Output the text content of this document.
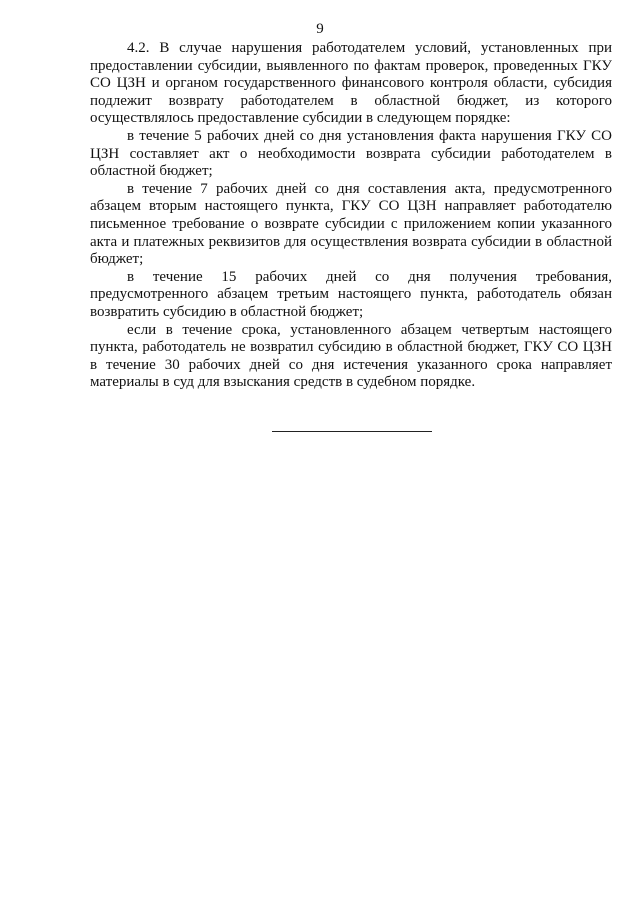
9

4.2. В случае нарушения работодателем условий, установленных при предоставлении субсидии, выявленного по фактам проверок, проведенных ГКУ СО ЦЗН и органом государственного финансового контроля области, субсидия подлежит возврату работодателем в областной бюджет, из которого осуществлялось предоставление субсидии в следующем порядке:

в течение 5 рабочих дней со дня установления факта нарушения ГКУ СО ЦЗН составляет акт о необходимости возврата субсидии работодателем в областной бюджет;

в течение 7 рабочих дней со дня составления акта, предусмотренного абзацем вторым настоящего пункта, ГКУ СО ЦЗН направляет работодателю письменное требование о возврате субсидии с приложением копии указанного акта и платежных реквизитов для осуществления возврата субсидии в областной бюджет;

в течение 15 рабочих дней со дня получения требования, предусмотренного абзацем третьим настоящего пункта, работодатель обязан возвратить субсидию в областной бюджет;

если в течение срока, установленного абзацем четвертым настоящего пункта, работодатель не возвратил субсидию в областной бюджет, ГКУ СО ЦЗН в течение 30 рабочих дней со дня истечения указанного срока направляет материалы в суд для взыскания средств в судебном порядке.
